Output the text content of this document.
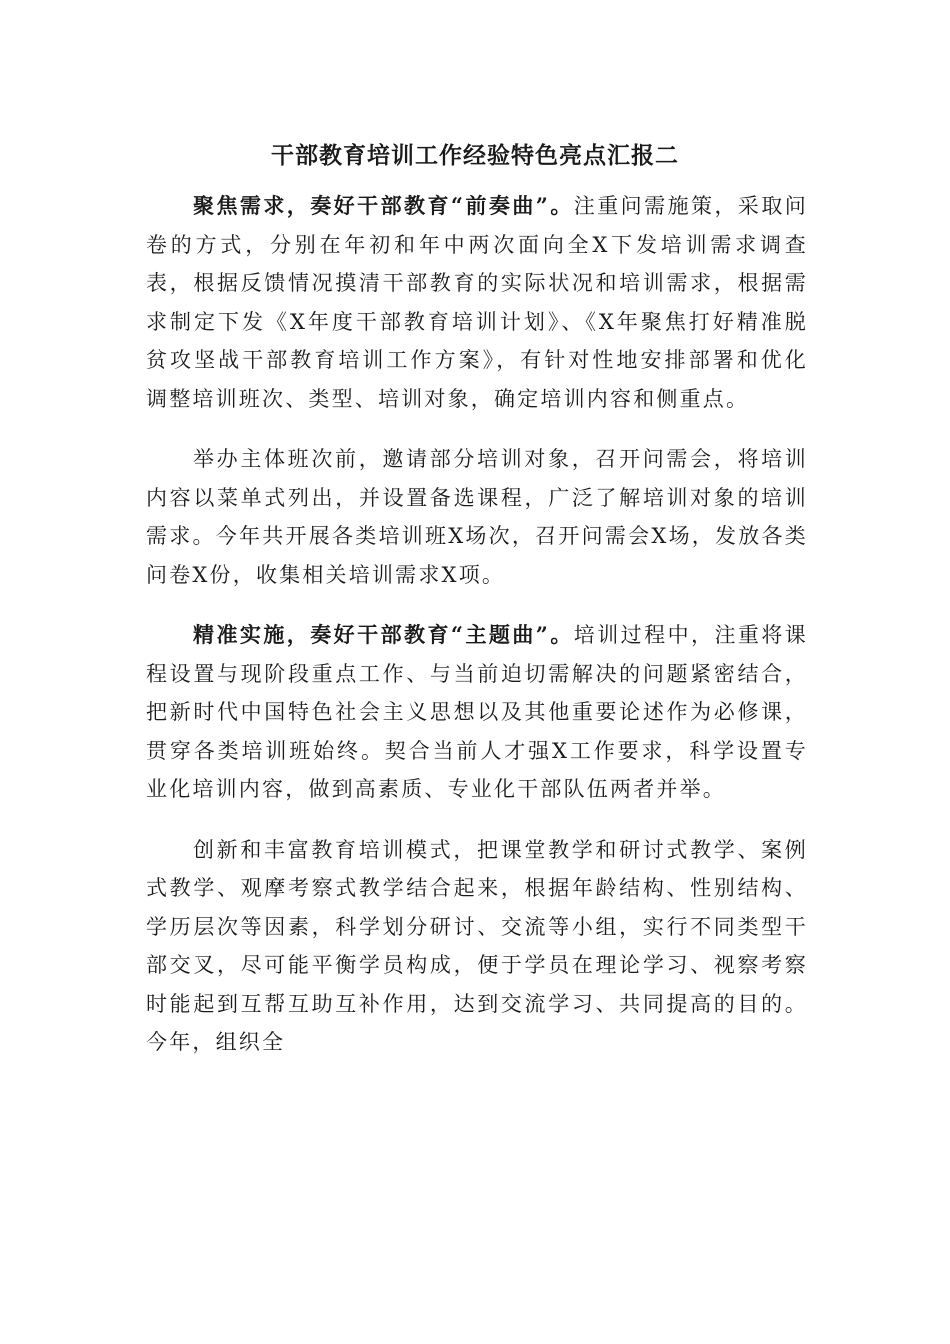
干部教育培训工作经验特色亮点汇报二

聚焦需求，奏好干部教育“前奏曲”。注重问需施策，采取问卷的方式，分别在年初和年中两次面向全X下发培训需求调查表，根据反馈情况摸清干部教育的实际状况和培训需求，根据需求制定下发《X年度干部教育培训计划》、《X年聚焦打好精准脱贫攻坚战干部教育培训工作方案》，有针对性地安排部署和优化调整培训班次、类型、培训对象，确定培训内容和侧重点。

举办主体班次前，邀请部分培训对象，召开问需会，将培训内容以菜单式列出，并设置备选课程，广泛了解培训对象的培训需求。今年共开展各类培训班X场次，召开问需会X场，发放各类问卷X份，收集相关培训需求X项。

精准实施，奏好干部教育“主题曲”。培训过程中，注重将课程设置与现阶段重点工作、与当前迫切需解决的问题紧密结合，把新时代中国特色社会主义思想以及其他重要论述作为必修课，贯穿各类培训班始终。契合当前人才强X工作要求，科学设置专业化培训内容，做到高素质、专业化干部队伍两者并举。

创新和丰富教育培训模式，把课堂教学和研讨式教学、案例式教学、观摩考察式教学结合起来，根据年龄结构、性别结构、学历层次等因素，科学划分研讨、交流等小组，实行不同类型干部交叉，尽可能平衡学员构成，便于学员在理论学习、视察考察时能起到互帮互助互补作用，达到交流学习、共同提高的目的。今年，组织全
